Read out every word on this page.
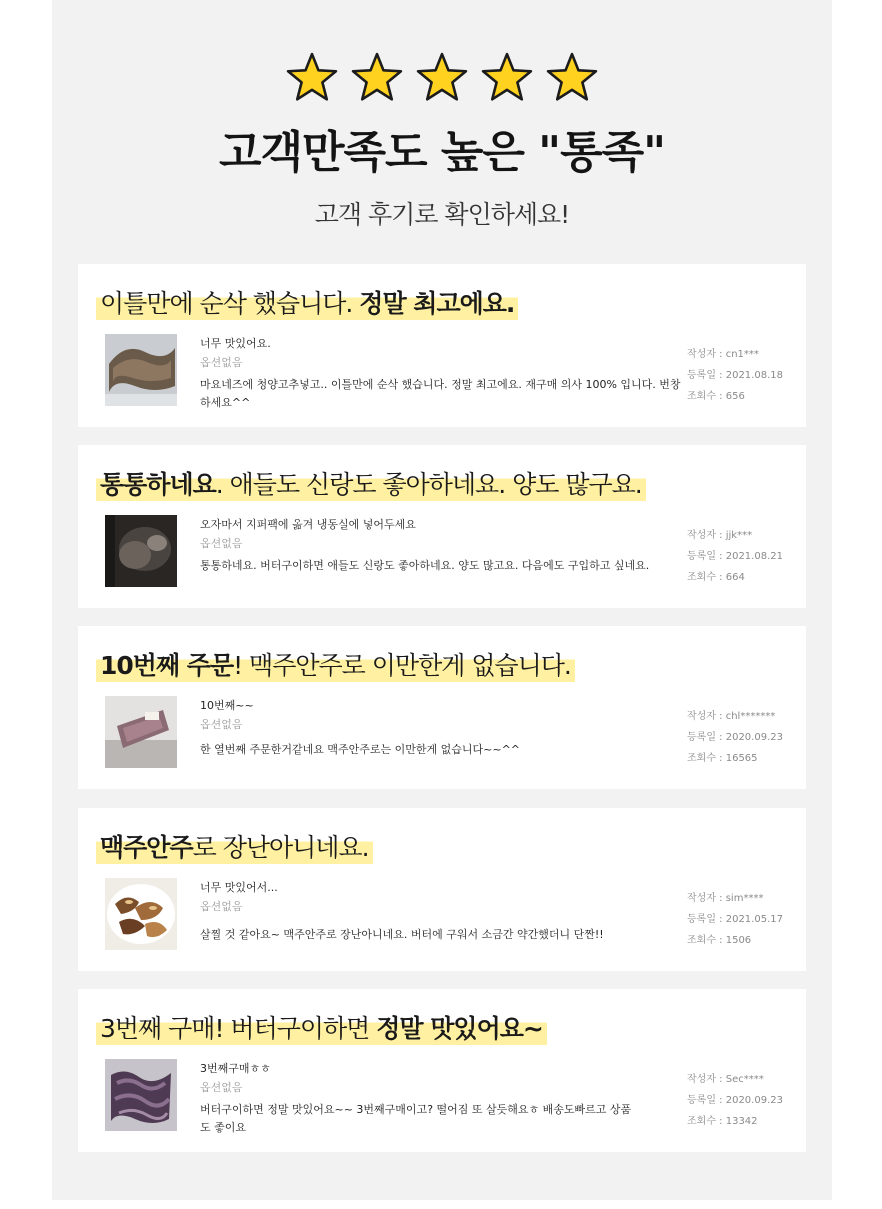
고객만족도 높은 "통족"
고객 후기로 확인하세요!
이틀만에 순삭 했습니다. 정말 최고에요.
너무 맛있어요.
옵션없음
마요네즈에 청양고추넣고.. 이틀만에 순삭 했습니다. 정말 최고에요. 재구매 의사 100% 입니다. 번창하세요^^
작성자 : cn1***
등록일 : 2021.08.18
조회수 : 656
통통하네요. 애들도 신랑도 좋아하네요. 양도 많구요.
오자마서 지퍼팩에 옮겨 냉동실에 넣어두세요
옵션없음
통통하네요. 버터구이하면 애들도 신랑도 좋아하네요. 양도 많고요. 다음에도 구입하고 싶네요.
작성자 : jjk***
등록일 : 2021.08.21
조회수 : 664
10번째 주문! 맥주안주로 이만한게 없습니다.
10번째~~
옵션없음
한 열번째 주문한거같네요 맥주안주로는 이만한게 없습니다~~^^
작성자 : chl*******
등록일 : 2020.09.23
조회수 : 16565
맥주안주로 장난아니네요.
너무 맛있어서...
옵션없음
살찔 것 같아요~ 맥주안주로 장난아니네요. 버터에 구워서 소금간 약간했더니 단짠!!
작성자 : sim****
등록일 : 2021.05.17
조회수 : 1506
3번째 구매! 버터구이하면 정말 맛있어요~
3번째구매ㅎㅎ
옵션없음
버터구이하면 정말 맛있어요~~ 3번째구매이고? 떨어짐 또 살듯해요ㅎ 배송도빠르고 상품도 좋이요
작성자 : Sec****
등록일 : 2020.09.23
조회수 : 13342
